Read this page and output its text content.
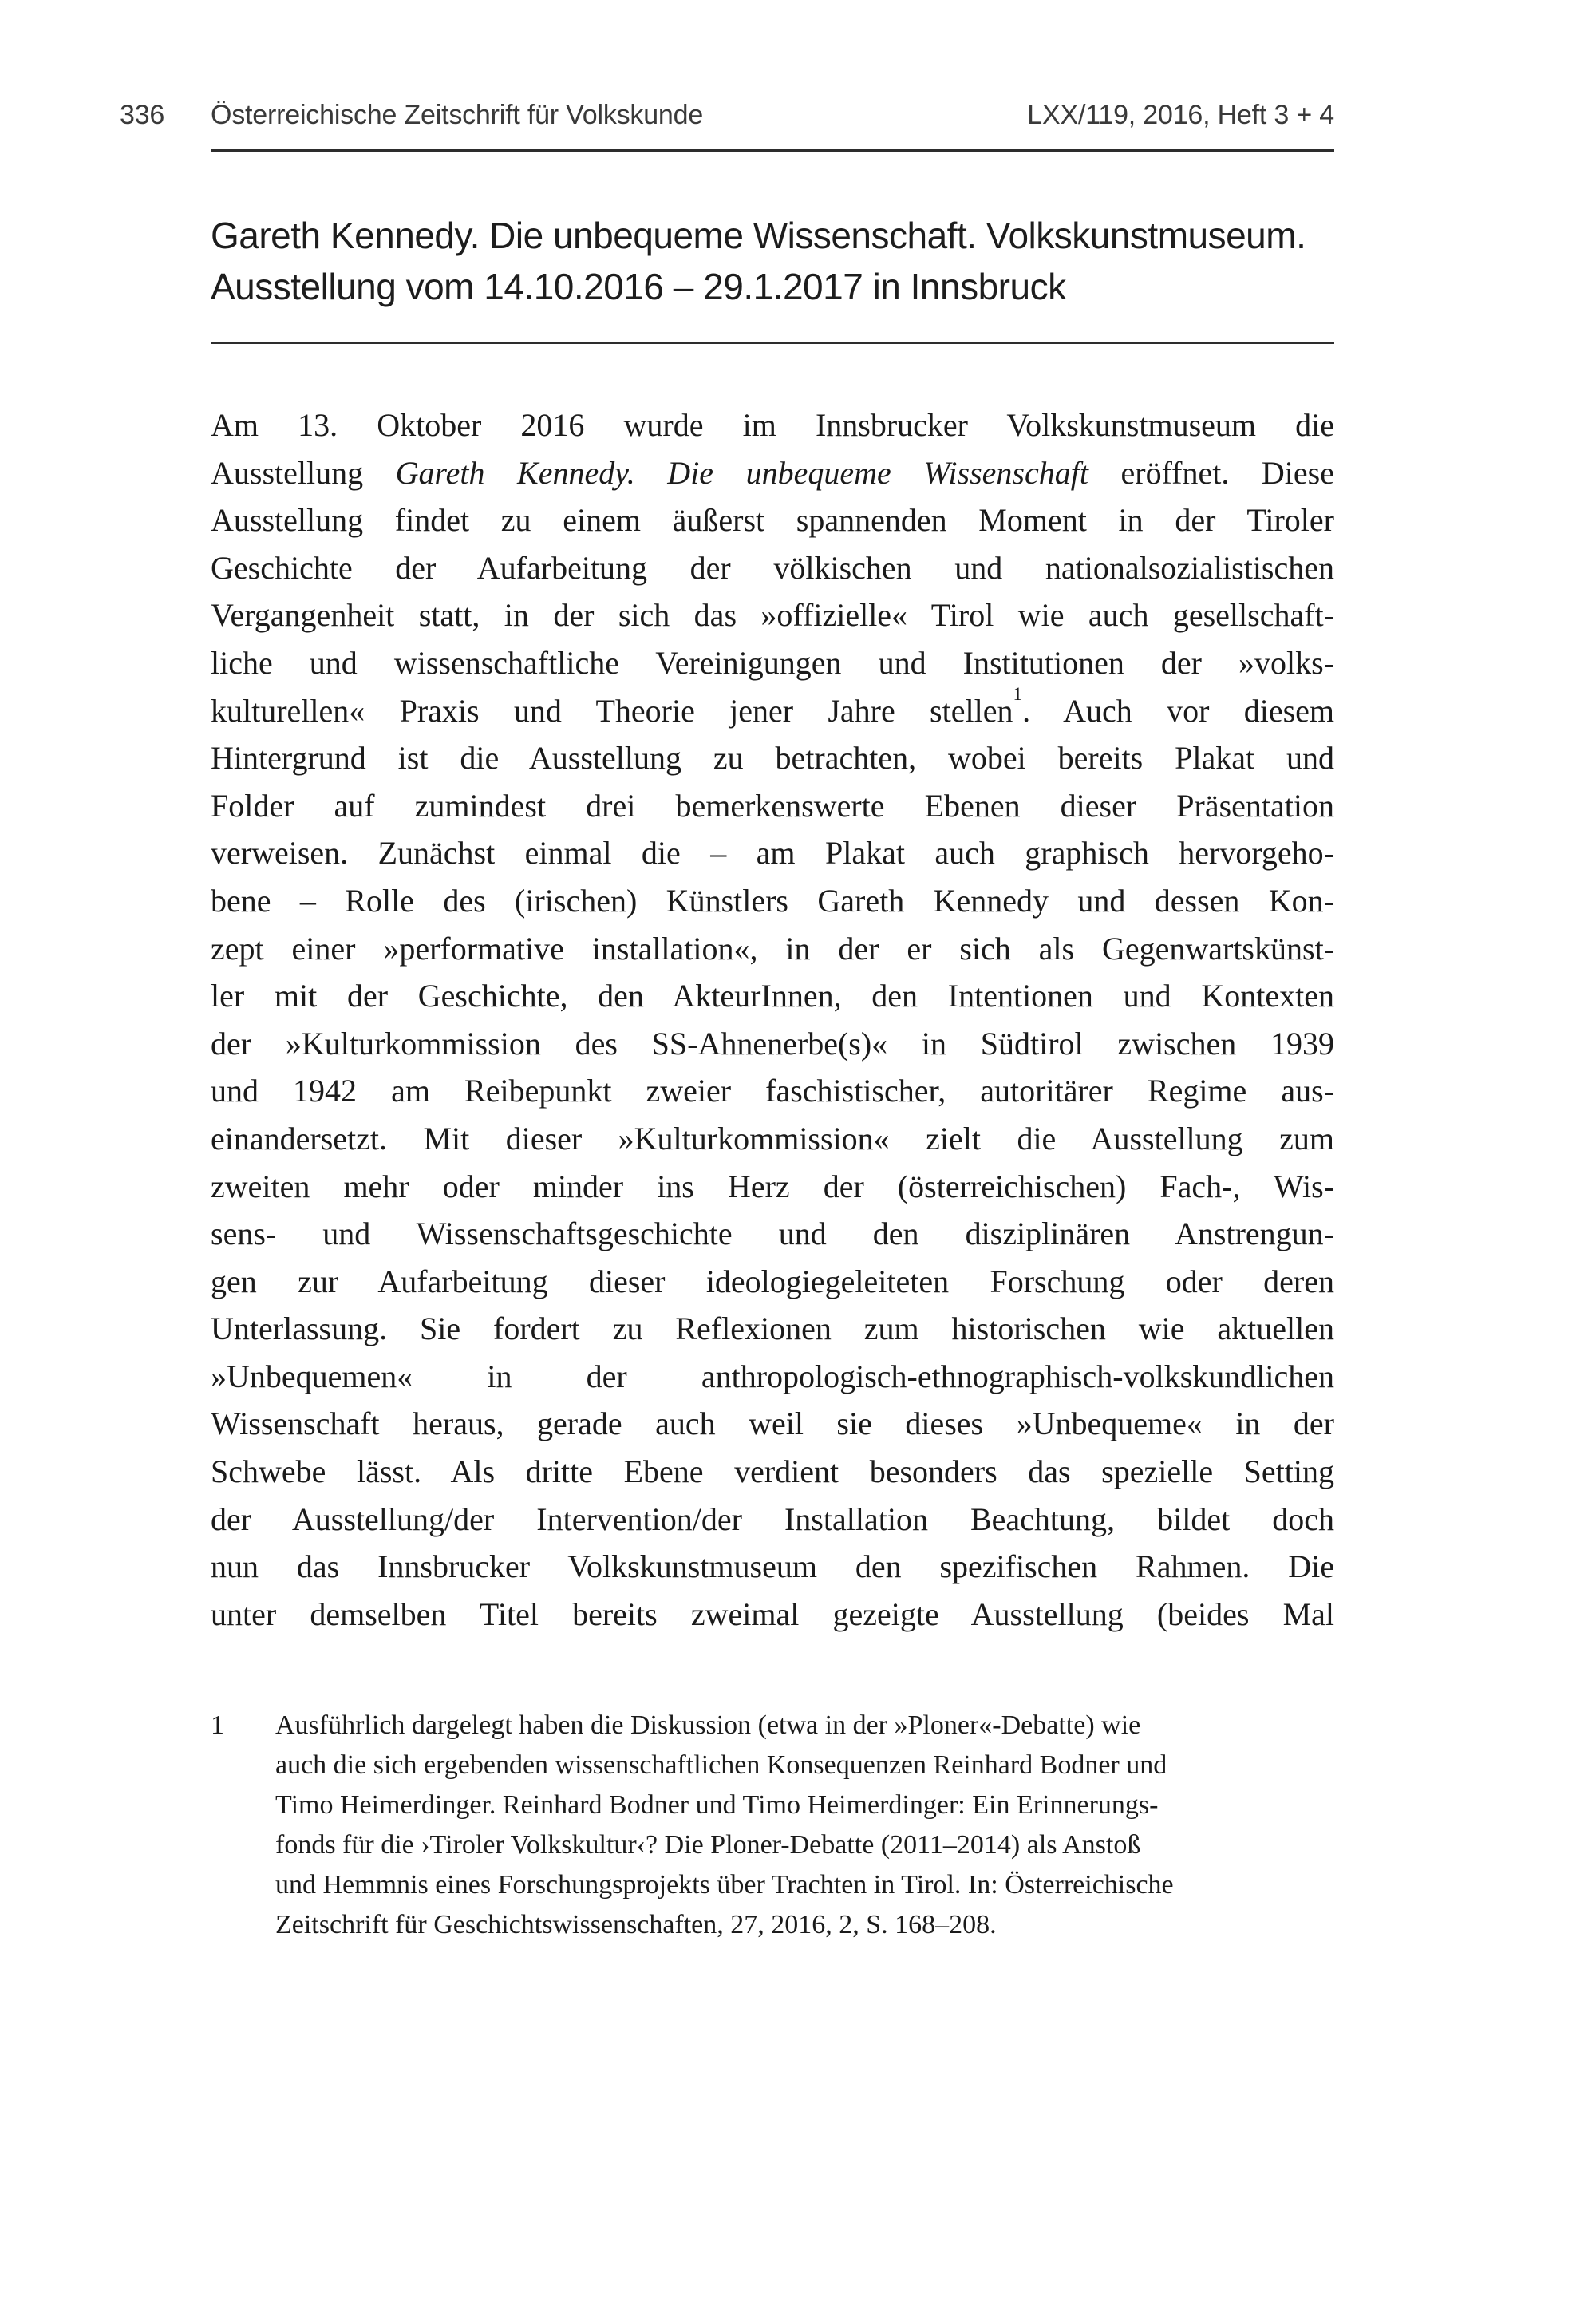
336 Österreichische Zeitschrift für Volkskunde	LXX/119, 2016, Heft 3 + 4
Gareth Kennedy. Die unbequeme Wissenschaft. Volkskunstmuseum.
Ausstellung vom 14.10.2016 – 29.1.2017 in Innsbruck
Am 13. Oktober 2016 wurde im Innsbrucker Volkskunstmuseum die
Ausstellung Gareth Kennedy. Die unbequeme Wissenschaft eröffnet. Diese
Ausstellung findet zu einem äußerst spannenden Moment in der Tiroler
Geschichte der Aufarbeitung der völkischen und nationalsozialistischen
Vergangenheit statt, in der sich das »offizielle« Tirol wie auch gesellschaft-
liche und wissenschaftliche Vereinigungen und Institutionen der »volks-
kulturellen« Praxis und Theorie jener Jahre stellen$^1$. Auch vor diesem
Hintergrund ist die Ausstellung zu betrachten, wobei bereits Plakat und
Folder auf zumindest drei bemerkenswerte Ebenen dieser Präsentation
verweisen. Zunächst einmal die – am Plakat auch graphisch hervorgeho-
bene – Rolle des (irischen) Künstlers Gareth Kennedy und dessen Kon-
zept einer »performative installation«, in der er sich als Gegenwartskünst-
ler mit der Geschichte, den AkteurInnen, den Intentionen und Kontexten
der »Kulturkommission des SS-Ahnenerbe(s)« in Südtirol zwischen 1939
und 1942 am Reibepunkt zweier faschistischer, autoritärer Regime aus-
einandersetzt. Mit dieser »Kulturkommission« zielt die Ausstellung zum
zweiten mehr oder minder ins Herz der (österreichischen) Fach-, Wis-
sens- und Wissenschaftsgeschichte und den disziplinären Anstrengun-
gen zur Aufarbeitung dieser ideologiegeleiteten Forschung oder deren
Unterlassung. Sie fordert zu Reflexionen zum historischen wie aktuellen
»Unbequemen« in der anthropologisch-ethnographisch-volkskundlichen
Wissenschaft heraus, gerade auch weil sie dieses »Unbequeme« in der
Schwebe lässt. Als dritte Ebene verdient besonders das spezielle Setting
der Ausstellung/der Intervention/der Installation Beachtung, bildet doch
nun das Innsbrucker Volkskunstmuseum den spezifischen Rahmen. Die
unter demselben Titel bereits zweimal gezeigte Ausstellung (beides Mal
1 Ausführlich dargelegt haben die Diskussion (etwa in der »Ploner«-Debatte) wie
auch die sich ergebenden wissenschaftlichen Konsequenzen Reinhard Bodner und
Timo Heimerdinger. Reinhard Bodner und Timo Heimerdinger: Ein Erinnerungs-
fonds für die ›Tiroler Volkskultur‹? Die Ploner-Debatte (2011–2014) als Anstoß
und Hemmnis eines Forschungsprojekts über Trachten in Tirol. In: Österreichische
Zeitschrift für Geschichtswissenschaften, 27, 2016, 2, S. 168–208.
